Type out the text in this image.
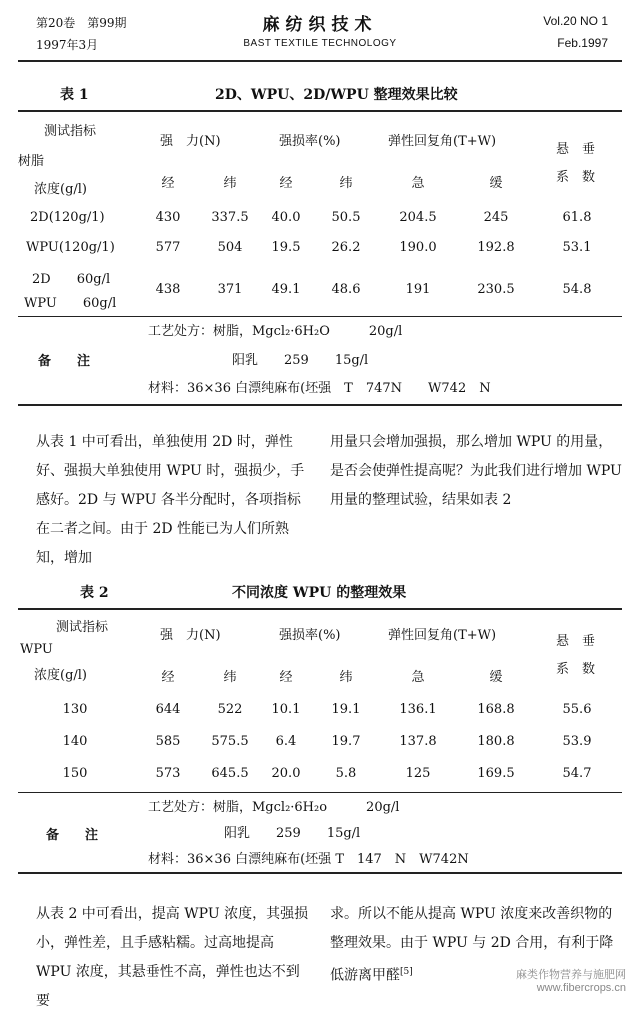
第20卷　第99期
1997年3月
麻纺织技术
BAST TEXTILE TECHNOLOGY
Vol.20 NO 1
Feb.1997
表 1	2D、WPU、2D/WPU 整理效果比较
测试指标
树脂
浓度(g/l)
强　力(N)	强损率(%)	弹性回复角(T+W)
悬　垂
系　数
经	纬	经	纬	急	缓
2D(120g/1)	430	337.5	40.0	50.5	204.5	245	61.8
WPU(120g/1)	577	504	19.5	26.2	190.0	192.8	53.1
2D　　60g/l
WPU　　60g/l
438	371	49.1	48.6	191	230.5	54.8
工艺处方：树脂，Mgcl₂·6H₂O　　　20g/l
备　　注	阳乳　　259　　15g/l
材料：36×36 白漂纯麻布(坯强　T　747N　　W742　N

从表 1 中可看出，单独使用 2D 时，弹性好、强损大单独使用 WPU 时，强损少，手感好。2D 与 WPU 各半分配时，各项指标在二者之间。由于 2D 性能已为人们所熟知，增加

用量只会增加强损，那么增加 WPU 的用量，是否会使弹性提高呢？为此我们进行增加 WPU 用量的整理试验，结果如表 2

表 2	不同浓度 WPU 的整理效果
测试指标
WPU
浓度(g/l)
强　力(N)	强损率(%)	弹性回复角(T+W)	悬　垂
系　数
经	纬	经	纬	急	缓
130	644	522	10.1	19.1	136.1	168.8	55.6
140	585	575.5	6.4	19.7	137.8	180.8	53.9
150	573	645.5	20.0	5.8	125	169.5	54.7
工艺处方：树脂，Mgcl₂·6H₂o　　　20g/l
备　　注	阳乳　　259　　15g/l
材料：36×36 白漂纯麻布(坯强 T　147　N　W742N

从表 2 中可看出，提高 WPU 浓度，其强损小，弹性差，且手感粘糯。过高地提高 WPU 浓度，其悬垂性不高，弹性也达不到要

求。所以不能从提高 WPU 浓度来改善织物的整理效果。由于 WPU 与 2D 合用，有利于降低游离甲醛[5]	麻类作物营养与施肥网
www.fibercrops.cn
